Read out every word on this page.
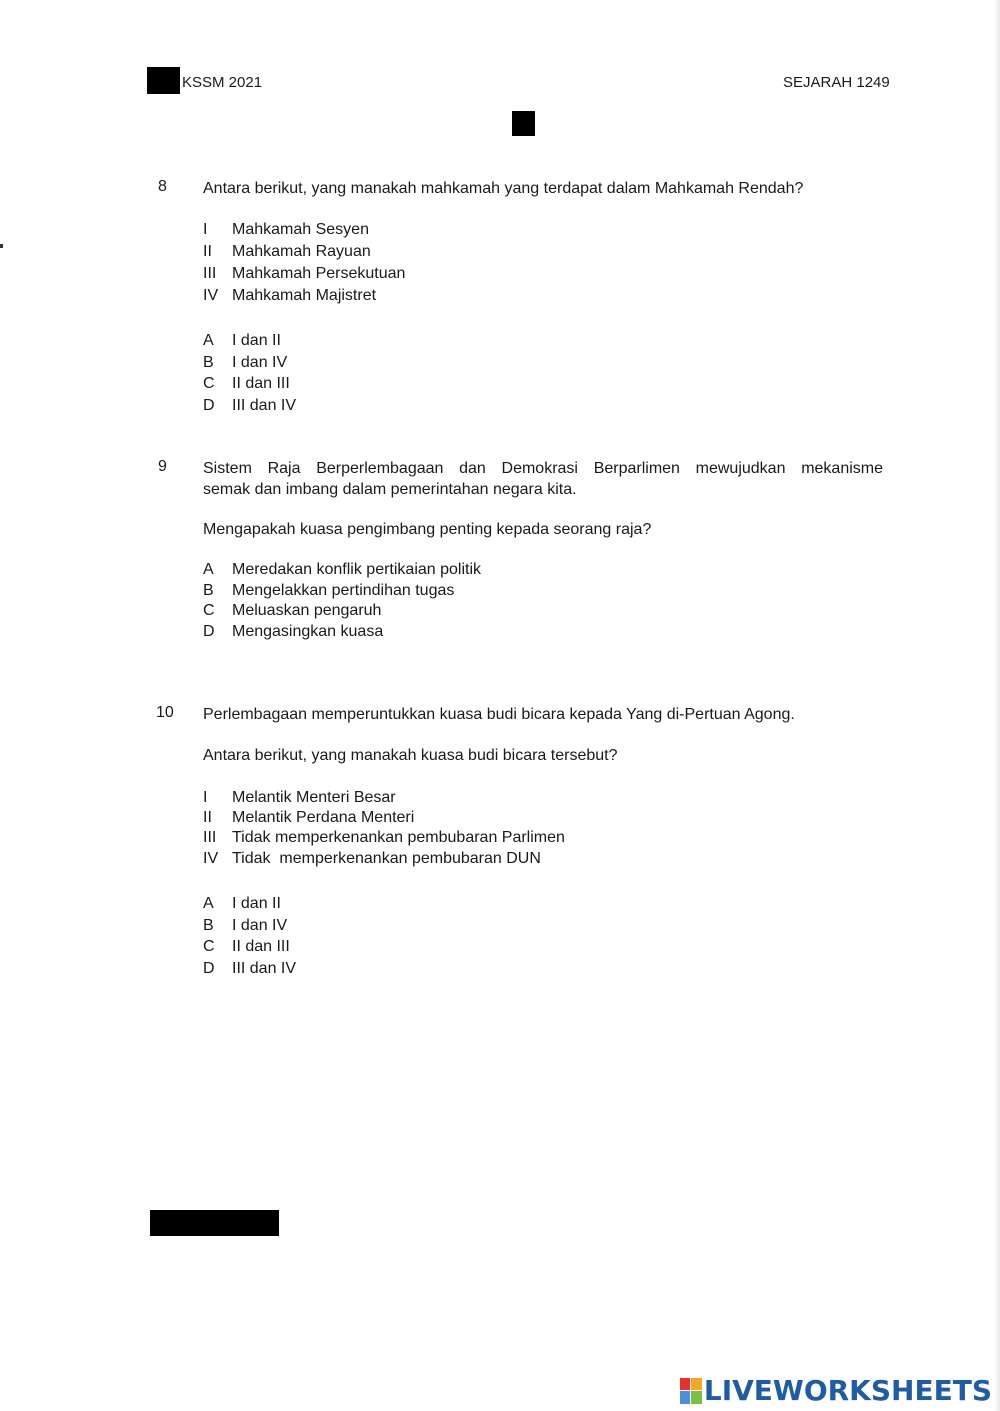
KSSM 2021	SEJARAH 1249
8 Antara berikut, yang manakah mahkamah yang terdapat dalam Mahkamah Rendah?
I	Mahkamah Sesyen
II	Mahkamah Rayuan
III Mahkamah Persekutuan
IV Mahkamah Majistret
A	I dan II
B	I dan IV
C	II dan III
D	III dan IV
9 Sistem Raja Berperlembagaan dan Demokrasi Berparlimen mewujudkan mekanisme
semak dan imbang dalam pemerintahan negara kita.
Mengapakah kuasa pengimbang penting kepada seorang raja?
A	Meredakan konflik pertikaian politik
B	Mengelakkan pertindihan tugas
C	Meluaskan pengaruh
D	Mengasingkan kuasa
10 Perlembagaan memperuntukkan kuasa budi bicara kepada Yang di-Pertuan Agong.
Antara berikut, yang manakah kuasa budi bicara tersebut?
I	Melantik Menteri Besar
II	Melantik Perdana Menteri
III Tidak memperkenankan pembubaran Parlimen
IV Tidak  memperkenankan pembubaran DUN
A	I dan II
B	I dan IV
C	II dan III
D	III dan IV
LIVEWORKSHEETS
